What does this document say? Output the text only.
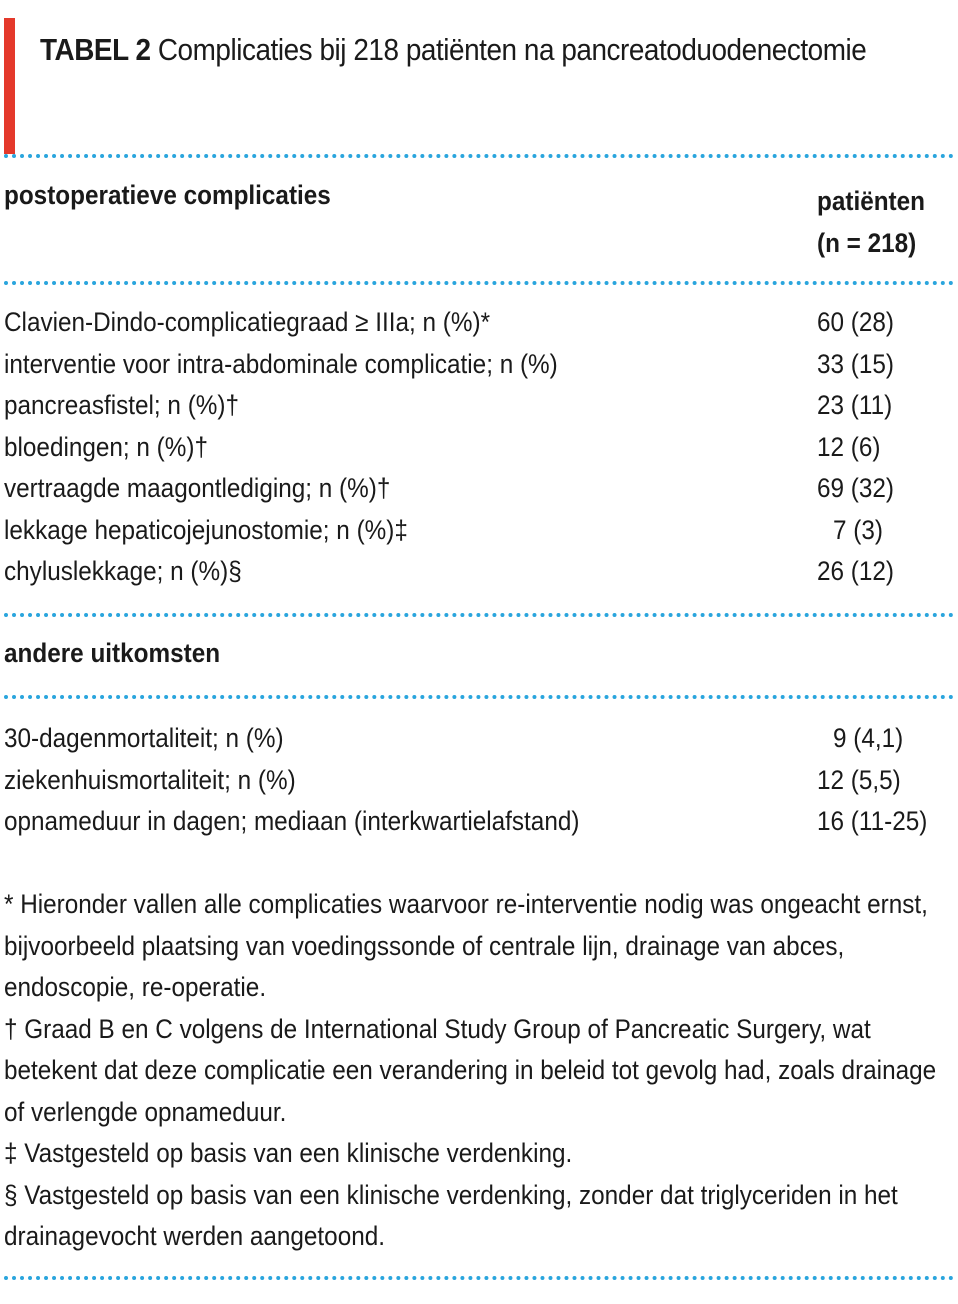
TABEL 2 Complicaties bij 218 patiënten na pancreatoduodenectomie
postoperatieve complicaties	patiënten
(n = 218)
Clavien-Dindo-complicatiegraad ≥ IIIa; n (%)*	60 (28)
interventie voor intra-abdominale complicatie; n (%)	33 (15)
pancreasfistel; n (%)†	23 (11)
bloedingen; n (%)†	12 (6)
vertraagde maagontlediging; n (%)†	69 (32)
lekkage hepaticojejunostomie; n (%)‡	7 (3)
chyluslekkage; n (%)§	26 (12)
andere uitkomsten
30-dagenmortaliteit; n (%)	9 (4,1)
ziekenhuismortaliteit; n (%)	12 (5,5)
opnameduur in dagen; mediaan (interkwartielafstand)	16 (11-25)

* Hieronder vallen alle complicaties waarvoor re-interventie nodig was ongeacht ernst, bijvoorbeeld plaatsing van voedingssonde of centrale lijn, drainage van abces, endoscopie, re-operatie.

† Graad B en C volgens de International Study Group of Pancreatic Surgery, wat betekent dat deze complicatie een verandering in beleid tot gevolg had, zoals drainage of verlengde opnameduur.

‡ Vastgesteld op basis van een klinische verdenking.

§ Vastgesteld op basis van een klinische verdenking, zonder dat triglyceriden in het drainagevocht werden aangetoond.
